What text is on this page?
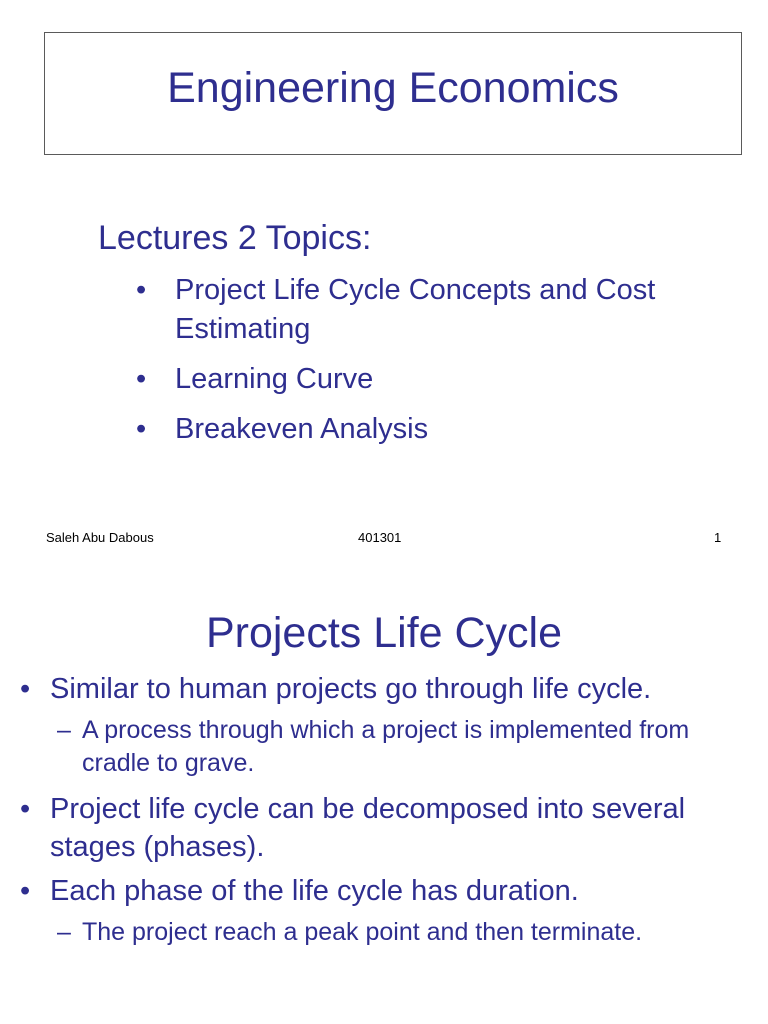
Engineering Economics
Lectures 2 Topics:
• Project Life Cycle Concepts and Cost Estimating
• Learning Curve
• Breakeven Analysis
Saleh Abu Dabous	401301	1
Projects Life Cycle
• Similar to human projects go through life cycle.
– A process through which a project is implemented from cradle to grave.
• Project life cycle can be decomposed into several stages (phases).
• Each phase of the life cycle has duration.
– The project reach a peak point and then terminate.
